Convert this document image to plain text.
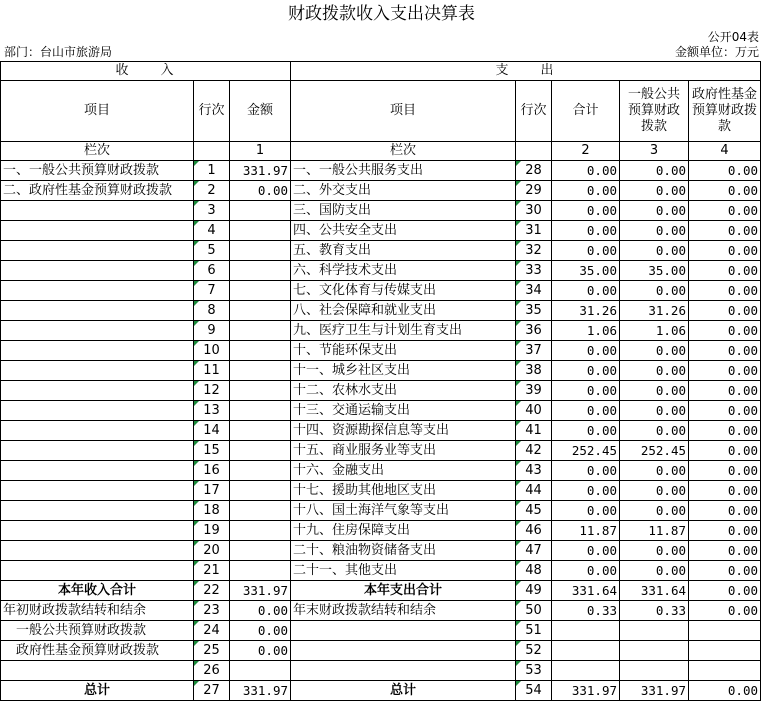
财政拨款收入支出决算表
公开04表
部门：台山市旅游局	金额单位：万元
收　　入			支　　出				
项目	行次	金额	项目	行次	合计	一般公共预算财政拨款	政府性基金预算财政拨款
栏次		1	栏次		2	3	4
一、一般公共预算财政拨款	1	331.97	一、一般公共服务支出	28	0.00	0.00	0.00
二、政府性基金预算财政拨款	2	0.00	二、外交支出	29	0.00	0.00	0.00
	3		三、国防支出	30	0.00	0.00	0.00
	4		四、公共安全支出	31	0.00	0.00	0.00
	5		五、教育支出	32	0.00	0.00	0.00
	6		六、科学技术支出	33	35.00	35.00	0.00
	7		七、文化体育与传媒支出	34	0.00	0.00	0.00
	8		八、社会保障和就业支出	35	31.26	31.26	0.00
	9		九、医疗卫生与计划生育支出	36	1.06	1.06	0.00
	10		十、节能环保支出	37	0.00	0.00	0.00
	11		十一、城乡社区支出	38	0.00	0.00	0.00
	12		十二、农林水支出	39	0.00	0.00	0.00
	13		十三、交通运输支出	40	0.00	0.00	0.00
	14		十四、资源勘探信息等支出	41	0.00	0.00	0.00
	15		十五、商业服务业等支出	42	252.45	252.45	0.00
	16		十六、金融支出	43	0.00	0.00	0.00
	17		十七、援助其他地区支出	44	0.00	0.00	0.00
	18		十八、国土海洋气象等支出	45	0.00	0.00	0.00
	19		十九、住房保障支出	46	11.87	11.87	0.00
	20		二十、粮油物资储备支出	47	0.00	0.00	0.00
	21		二十一、其他支出	48	0.00	0.00	0.00
本年收入合计	22	331.97	本年支出合计	49	331.64	331.64	0.00
年初财政拨款结转和结余	23	0.00	年末财政拨款结转和结余	50	0.33	0.33	0.00
　一般公共预算财政拨款	24	0.00		51			
　政府性基金预算财政拨款	25	0.00		52			
	26			53			
总计	27	331.97	总计	54	331.97	331.97	0.00
